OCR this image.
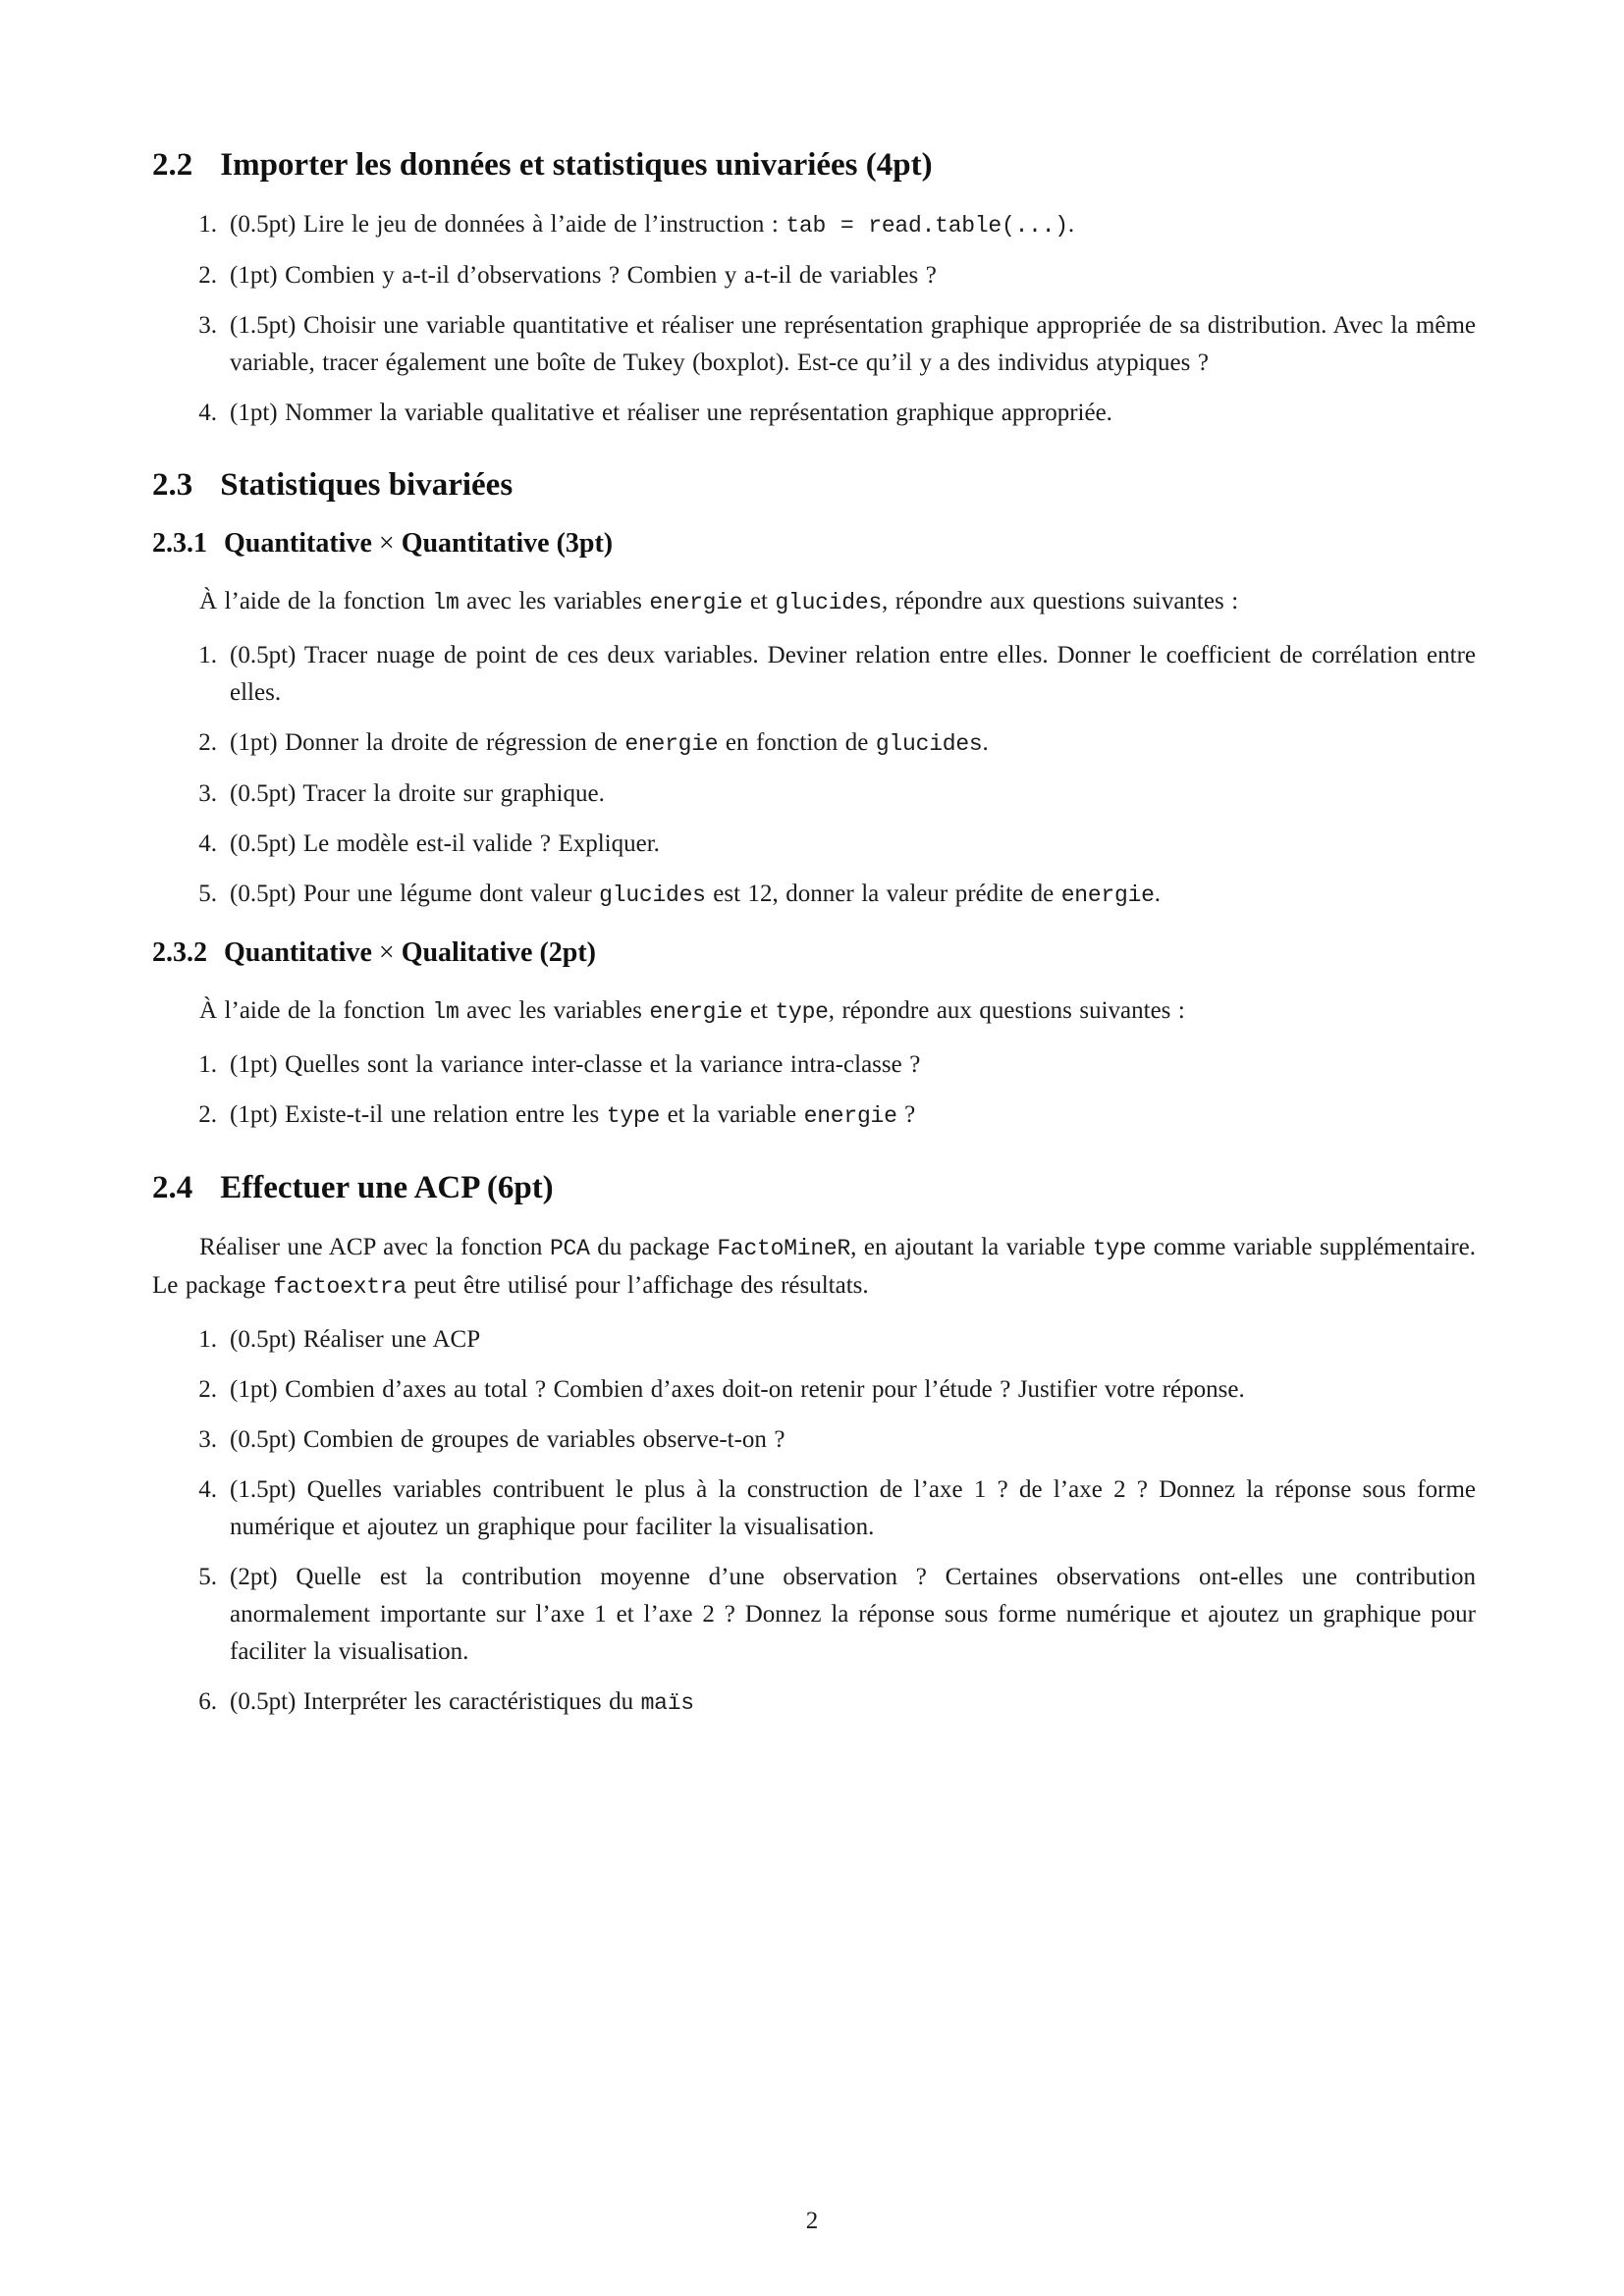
2.2 Importer les données et statistiques univariées (4pt)
1. (0.5pt) Lire le jeu de données à l’aide de l’instruction : tab = read.table(...).
2. (1pt) Combien y a-t-il d’observations ? Combien y a-t-il de variables ?
3. (1.5pt) Choisir une variable quantitative et réaliser une représentation graphique appropriée de sa distribution. Avec la même variable, tracer également une boîte de Tukey (boxplot). Est-ce qu’il y a des individus atypiques ?
4. (1pt) Nommer la variable qualitative et réaliser une représentation graphique appropriée.
2.3 Statistiques bivariées
2.3.1 Quantitative × Quantitative (3pt)

À l’aide de la fonction lm avec les variables energie et glucides, répondre aux questions suivantes :

1. (0.5pt) Tracer nuage de point de ces deux variables. Deviner relation entre elles. Donner le coefficient de corrélation entre elles.
2. (1pt) Donner la droite de régression de energie en fonction de glucides.
3. (0.5pt) Tracer la droite sur graphique.
4. (0.5pt) Le modèle est-il valide ? Expliquer.
5. (0.5pt) Pour une légume dont valeur glucides est 12, donner la valeur prédite de energie.
2.3.2 Quantitative × Qualitative (2pt)

À l’aide de la fonction lm avec les variables energie et type, répondre aux questions suivantes :

1. (1pt) Quelles sont la variance inter-classe et la variance intra-classe ?
2. (1pt) Existe-t-il une relation entre les type et la variable energie ?
2.4 Effectuer une ACP (6pt)

Réaliser une ACP avec la fonction PCA du package FactoMineR, en ajoutant la variable type comme variable supplémentaire. Le package factoextra peut être utilisé pour l’affichage des résultats.

1. (0.5pt) Réaliser une ACP
2. (1pt) Combien d’axes au total ? Combien d’axes doit-on retenir pour l’étude ? Justifier votre réponse.
3. (0.5pt) Combien de groupes de variables observe-t-on ?
4. (1.5pt) Quelles variables contribuent le plus à la construction de l’axe 1 ? de l’axe 2 ? Donnez la réponse sous forme numérique et ajoutez un graphique pour faciliter la visualisation.
5. (2pt) Quelle est la contribution moyenne d’une observation ? Certaines observations ont-elles une contribution anormalement importante sur l’axe 1 et l’axe 2 ? Donnez la réponse sous forme numérique et ajoutez un graphique pour faciliter la visualisation.
6. (0.5pt) Interpréter les caractéristiques du maïs
2
